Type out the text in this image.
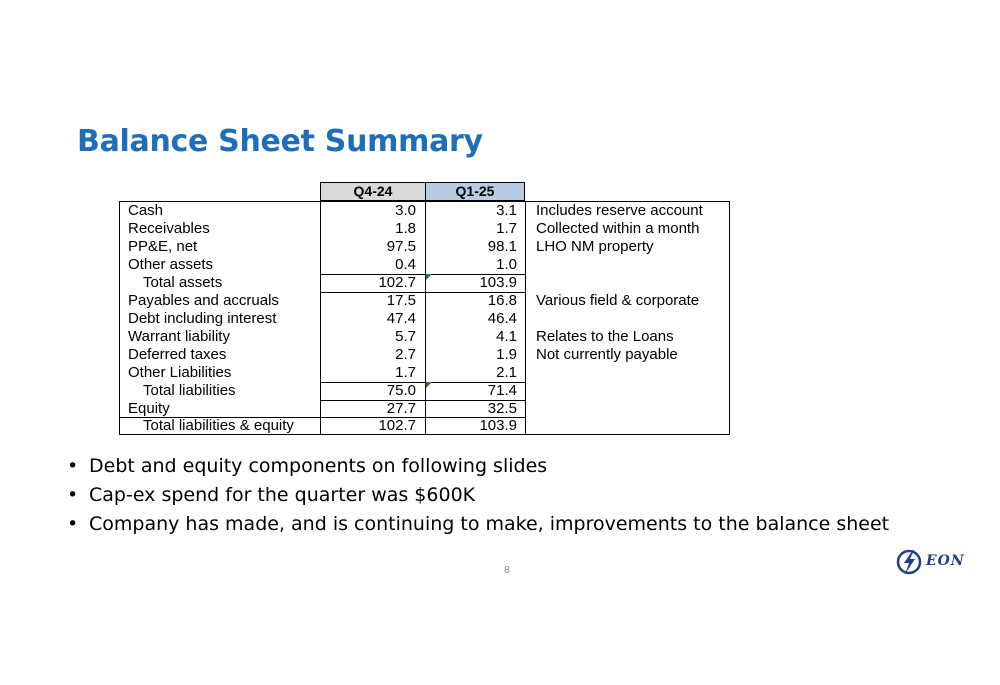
Balance Sheet Summary
Q4-24	Q1-25
Cash	3.0	3.1 Includes reserve account
Receivables	1.8	1.7 Collected within a month
PP&E, net	97.5	98.1 LHO NM property
Other assets	0.4	1.0
Total assets	102.7	103.9
Payables and accruals	17.5	16.8 Various field & corporate
Debt including interest	47.4	46.4
Warrant liability	5.7	4.1 Relates to the Loans
Deferred taxes	2.7	1.9 Not currently payable
Other Liabilities	1.7	2.1
Total liabilities	75.0	71.4
Equity	27.7	32.5
Total liabilities & equity	102.7	103.9
• Debt and equity components on following slides
• Cap-ex spend for the quarter was $600K
• Company has made, and is continuing to make, improvements to the balance sheet
8
EON
